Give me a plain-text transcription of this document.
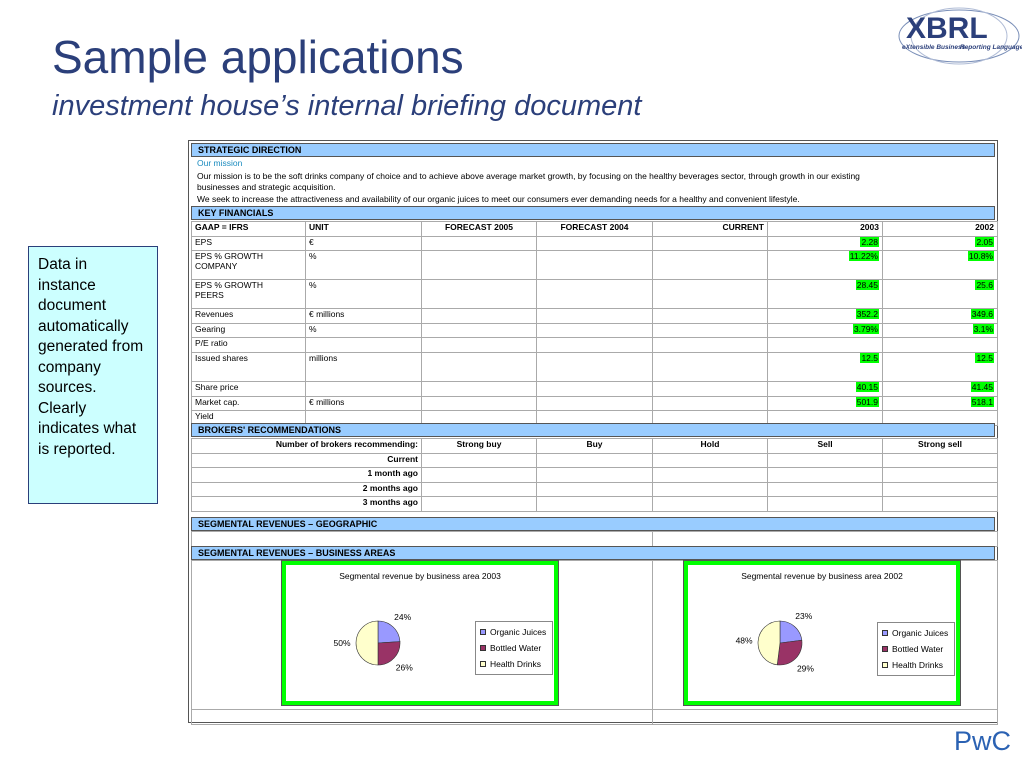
Sample applications
investment house’s internal briefing document
XBRL
eXtensible Business
Reporting Language
Data in instance document automatically generated from company sources. Clearly indicates what is reported.
STRATEGIC DIRECTION
Our mission
Our mission is to be the soft drinks company of choice and to achieve above average market growth, by focusing on the healthy beverages sector, through growth in our existing
businesses and strategic acquisition.
We seek to increase the attractiveness and availability of our organic juices to meet our consumers ever demanding needs for a healthy and convenient lifestyle.
KEY FINANCIALS
GAAP = IFRS	UNIT	FORECAST 2005	FORECAST 2004	CURRENT	2003	2002
EPS	€				2.28	2.05

EPS % GROWTH
COMPANY	%				11.22%	10.8%

EPS % GROWTH
PEERS	%				28.45	25.6
Revenues	€ millions				352.2	349.6
Gearing	%				3.79%	3.1%
P/E ratio						
Issued shares	millions				12.5	12.5
Share price					40.15	41.45
Market cap.	€ millions				501.9	518.1
Yield						
BROKERS' RECOMMENDATIONS
Number of brokers recommending:	Strong buy	Buy	Hold	Sell	Strong sell
Current					
1 month ago					
2 months ago					
3 months ago					
SEGMENTAL REVENUES – GEOGRAPHIC

SEGMENTAL REVENUES – BUSINESS AREAS

Segmental revenue by business area 2003
24%
26%
50%
Organic Juices
Bottled Water
Health Drinks
Segmental revenue by business area 2002
23%
29%
48%
Organic Juices
Bottled Water
Health Drinks
PwC
